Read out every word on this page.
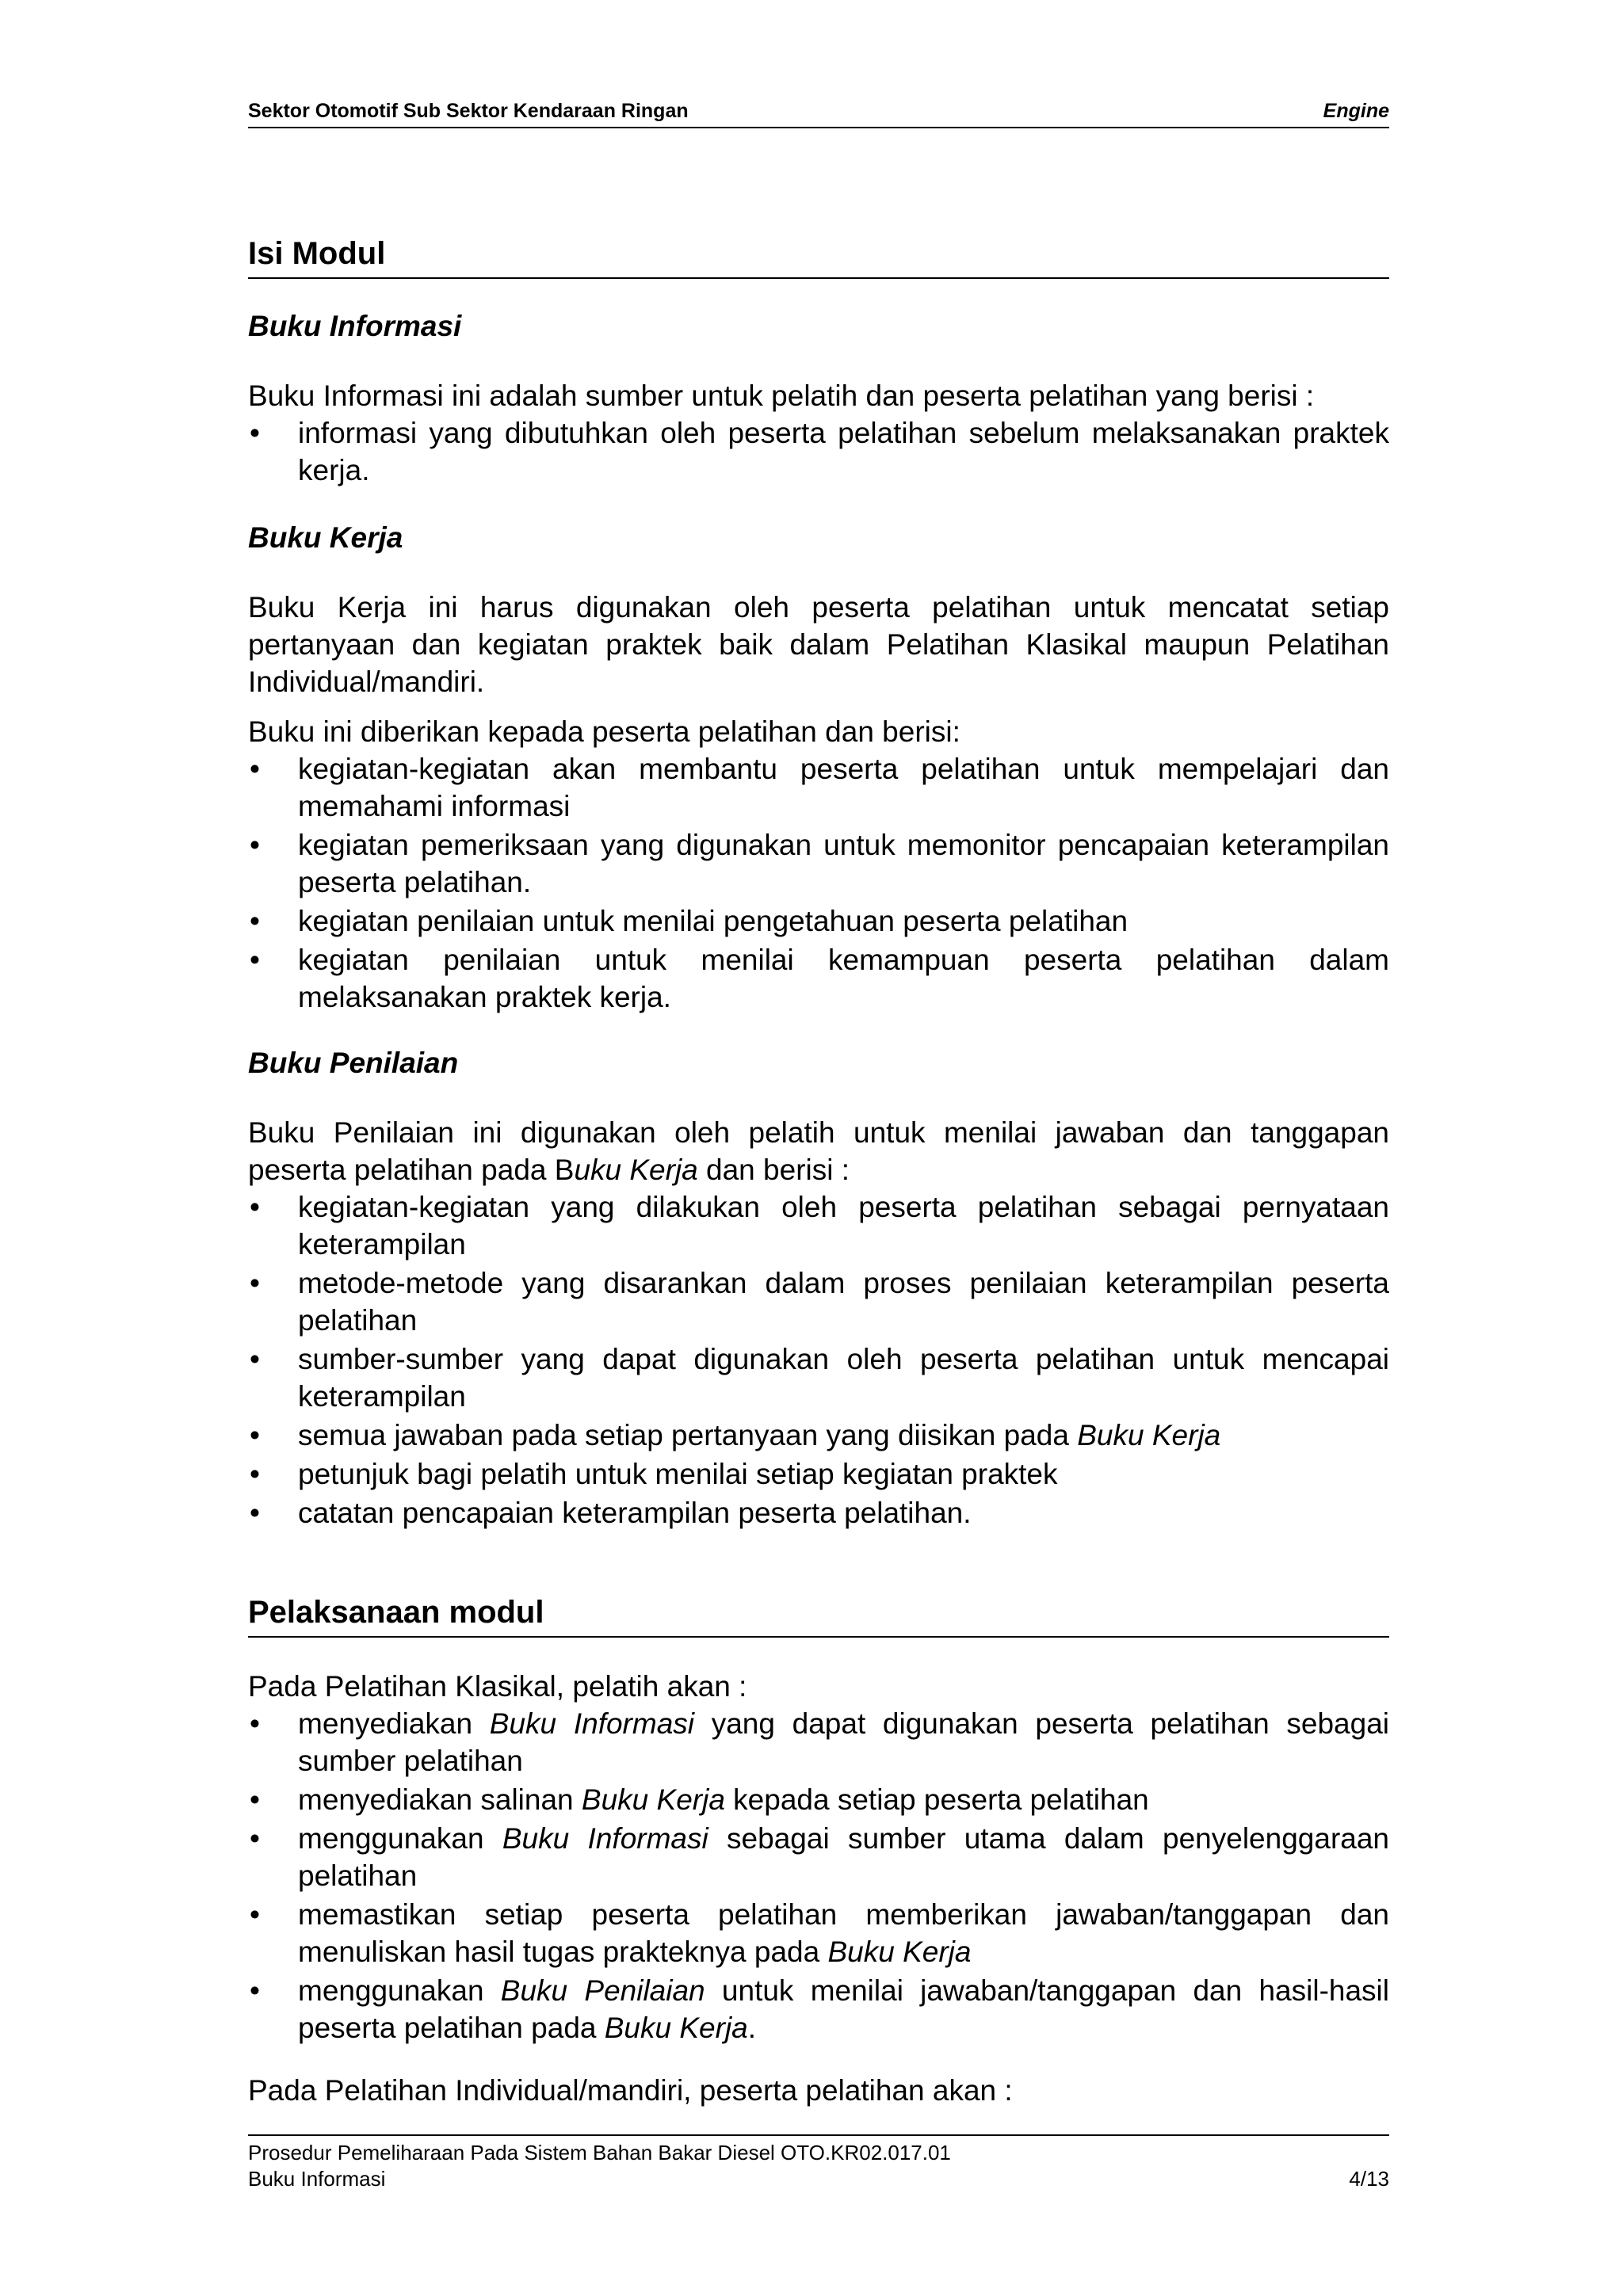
Sektor Otomotif Sub Sektor Kendaraan Ringan	Engine
Isi Modul
Buku Informasi

Buku Informasi ini adalah sumber untuk pelatih dan peserta pelatihan yang berisi :

• informasi yang dibutuhkan oleh peserta pelatihan sebelum melaksanakan praktek kerja.
Buku Kerja

Buku Kerja ini harus digunakan oleh peserta pelatihan untuk mencatat setiap pertanyaan dan kegiatan praktek baik dalam Pelatihan Klasikal maupun Pelatihan Individual/mandiri.

Buku ini diberikan kepada peserta pelatihan dan berisi:

• kegiatan-kegiatan akan membantu peserta pelatihan untuk mempelajari dan memahami informasi
• kegiatan pemeriksaan yang digunakan untuk memonitor pencapaian keterampilan peserta pelatihan.
• kegiatan penilaian untuk menilai pengetahuan peserta pelatihan
• kegiatan penilaian untuk menilai kemampuan peserta pelatihan dalam melaksanakan praktek kerja.
Buku Penilaian

Buku Penilaian ini digunakan oleh pelatih untuk menilai jawaban dan tanggapan peserta pelatihan pada Buku Kerja dan berisi :

• kegiatan-kegiatan yang dilakukan oleh peserta pelatihan sebagai pernyataan keterampilan
• metode-metode yang disarankan dalam proses penilaian keterampilan peserta pelatihan
• sumber-sumber yang dapat digunakan oleh peserta pelatihan untuk mencapai keterampilan
• semua jawaban pada setiap pertanyaan yang diisikan pada Buku Kerja
• petunjuk bagi pelatih untuk menilai setiap kegiatan praktek
• catatan pencapaian keterampilan peserta pelatihan.
Pelaksanaan modul

Pada Pelatihan Klasikal, pelatih akan :

• menyediakan Buku Informasi yang dapat digunakan peserta pelatihan sebagai sumber pelatihan
• menyediakan salinan Buku Kerja kepada setiap peserta pelatihan
• menggunakan Buku Informasi sebagai sumber utama dalam penyelenggaraan pelatihan
• memastikan setiap peserta pelatihan memberikan jawaban/tanggapan dan menuliskan hasil tugas prakteknya pada Buku Kerja
• menggunakan Buku Penilaian untuk menilai jawaban/tanggapan dan hasil-hasil peserta pelatihan pada Buku Kerja.

Pada Pelatihan Individual/mandiri, peserta pelatihan akan :

Prosedur Pemeliharaan Pada Sistem Bahan Bakar Diesel OTO.KR02.017.01
Buku Informasi	4/13
